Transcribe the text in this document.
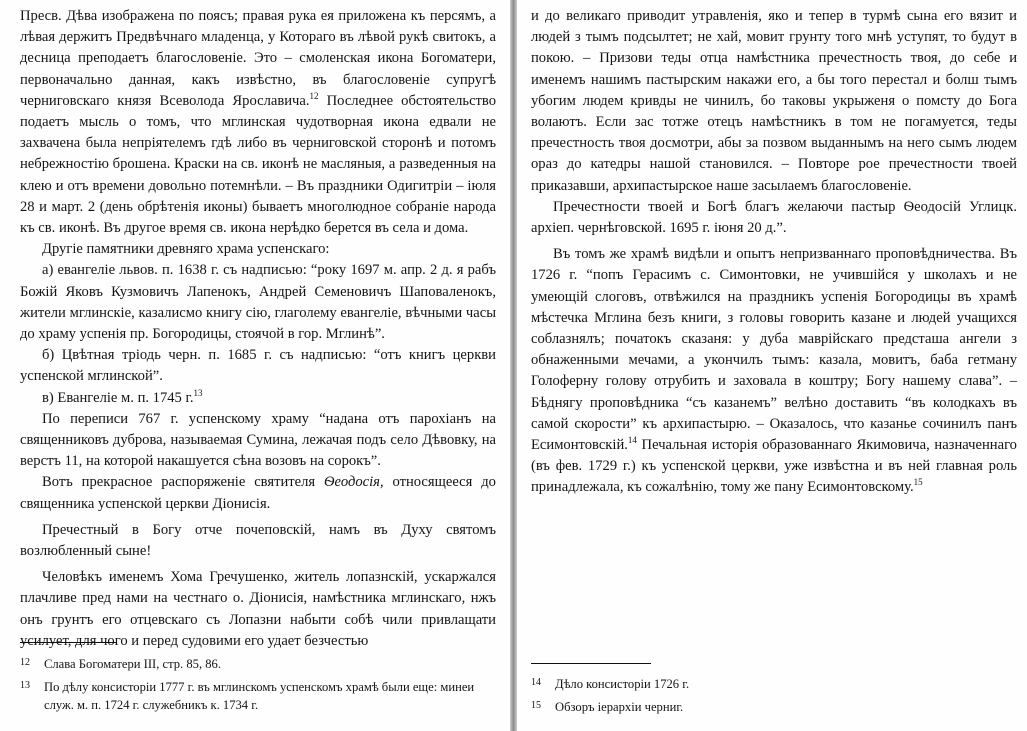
Пресв. Дѣва изображена по поясъ; правая рука ея приложена къ персямъ, а лѣвая держитъ Предвѣчнаго младенца, у Котораго въ лѣвой рукѣ свитокъ, а десница преподаетъ благословеніе. Это – смоленская икона Богоматери, первоначально данная, какъ извѣстно, въ благословеніе супругѣ черниговскаго князя Всеволода Ярославича.$^{12}$ Последнее обстоятельство подаетъ мысль о томъ, что мглинская чудотворная икона едвали не захвачена была непріятелемъ гдѣ либо въ черниговской сторонѣ и потомъ небрежностію брошена. Краски на св. иконѣ не масляныя, а разведенныя на клею и отъ времени довольно потемнѣли. – Въ праздники Одигитріи – іюля 28 и март. 2 (день обрѣтенія иконы) бываетъ многолюдное собраніе народа къ св. иконѣ. Въ другое время св. икона нерѣдко берется въ села и дома.

Другіе памятники древняго храма успенскаго:

а) евангеліе львов. п. 1638 г. съ надписью: “року 1697 м. апр. 2 д. я рабъ Божій Яковъ Кузмовичъ Лапенокъ, Андрей Семеновичъ Шаповаленокъ, жители мглинскіе, казалисмо книгу сію, глаголему евангеліе, вѣчными часы до храму успенія пр. Богородицы, стоячой в гор. Мглинѣ”.

б) Цвѣтная тріодь черн. п. 1685 г. съ надписью: “отъ книгъ церкви успенской мглинской”.

в) Евангеліе м. п. 1745 г.$^{13}$

По переписи 767 г. успенскому храму “надана отъ парохіанъ на священниковъ дуброва, называемая Сумина, лежачая подъ село Дѣвовку, на верстъ 11, на которой накашуется сѣна возовъ на сорокъ”.

Вотъ прекрасное распоряженіе святителя Ѳеодосія, относящееся до священника успенской церкви Діонисія.

Пречестный в Богу отче почеповскій, намъ въ Духу святомъ возлюбленный сыне!

Человѣкъ именемъ Хома Гречушенко, житель лопазнскій, ускаржался плачливе пред нами на честнаго о. Діонисія, намѣстника мглинскаго, нжъ онъ грунтъ его отцевскаго съ Лопазни набыти собѣ чили привлащати усилует, для чого и перед судовими его удает безчестью

12	Слава Богоматери III, стр. 85, 86.
13	По дѣлу консисторіи 1777 г. въ мглинскомъ успенскомъ храмѣ были еще: минеи служ. м. п. 1724 г. служебникъ к. 1734 г.

и до великаго приводит утравленія, яко и тепер в турмѣ сына его вязит и людей з тымъ подсылтет; не хай, мовит грунту того мнѣ уступят, то будут в покою. – Призови теды отца намѣстника пречестность твоя, до себе и именемъ нашимъ пастырским накажи его, а бы того перестал и болш тымъ убогим людем кривды не чинилъ, бо таковы укрыженя о помсту до Бога волаютъ. Если зас тотже отецъ намѣстникъ в том не погамуется, теды пречестность твоя досмотри, абы за позвом выданнымъ на него сымъ людем ораз до катедры нашой становился. – Повторе рое пречестности твоей приказавши, архипастырское наше засылаемъ благословеніе.

Пречестности твоей и Богѣ благъ желаючи пастыр Ѳеодосій Углицк. архіеп. чернѣговской. 1695 г. іюня 20 д.”.

Въ томъ же храмѣ видѣли и опытъ непризваннаго проповѣдничества. Въ 1726 г. “попъ Герасимъ с. Симонтовки, не учившійся у школахъ и не умеющій слоговъ, отвѣжился на праздникъ успенія Богородицы въ храмѣ мѣстечка Мглина безъ книги, з головы говорить казане и людей учащихся соблазнялъ; початокъ сказаня: у дуба маврійскаго предсташа ангели з обнаженными мечами, а укончилъ тымъ: казала, мовитъ, баба гетману Голоферну голову отрубить и заховала в коштру; Богу нашему слава”. – Бѣднягу проповѣдника “съ казанемъ” велѣно доставить “въ колодкахъ въ самой скорости” къ архипастырю. – Оказалось, что казанье сочинилъ панъ Есимонтовскій.$^{14}$ Печальная исторія образованнаго Якимовича, назначеннаго (въ фев. 1729 г.) къ успенской церкви, уже извѣстна и въ ней главная роль принадлежала, къ сожалѣнію, тому же пану Есимонтовскому.$^{15}$

14	Дѣло консисторіи 1726 г.
15	Обзоръ іерархіи черниг.
